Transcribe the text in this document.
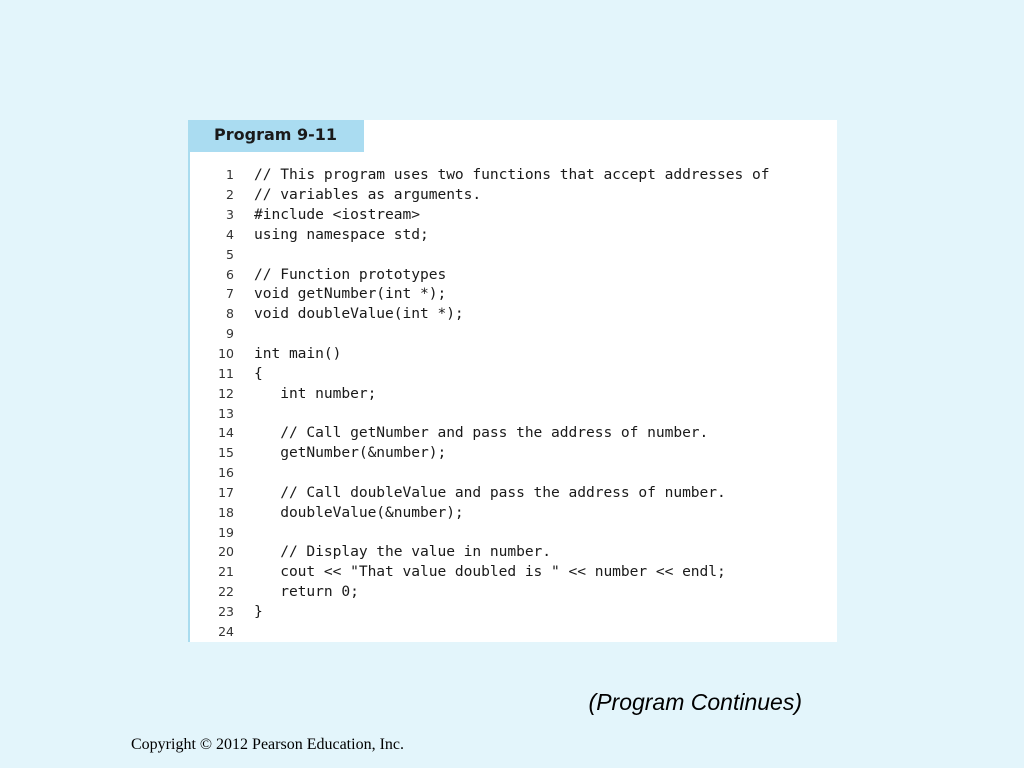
Program 9-11
1 // This program uses two functions that accept addresses of
2 // variables as arguments.
3 #include <iostream>
4 using namespace std;
5
6 // Function prototypes
7 void getNumber(int *);
8 void doubleValue(int *);
9
10 int main()
11 {
12 int number;
13
14 // Call getNumber and pass the address of number.
15 getNumber(&number);
16
17 // Call doubleValue and pass the address of number.
18 doubleValue(&number);
19
20 // Display the value in number.
21 cout << "That value doubled is " << number << endl;
22 return 0;
23 }
24
(Program Continues)
Copyright © 2012 Pearson Education, Inc.
